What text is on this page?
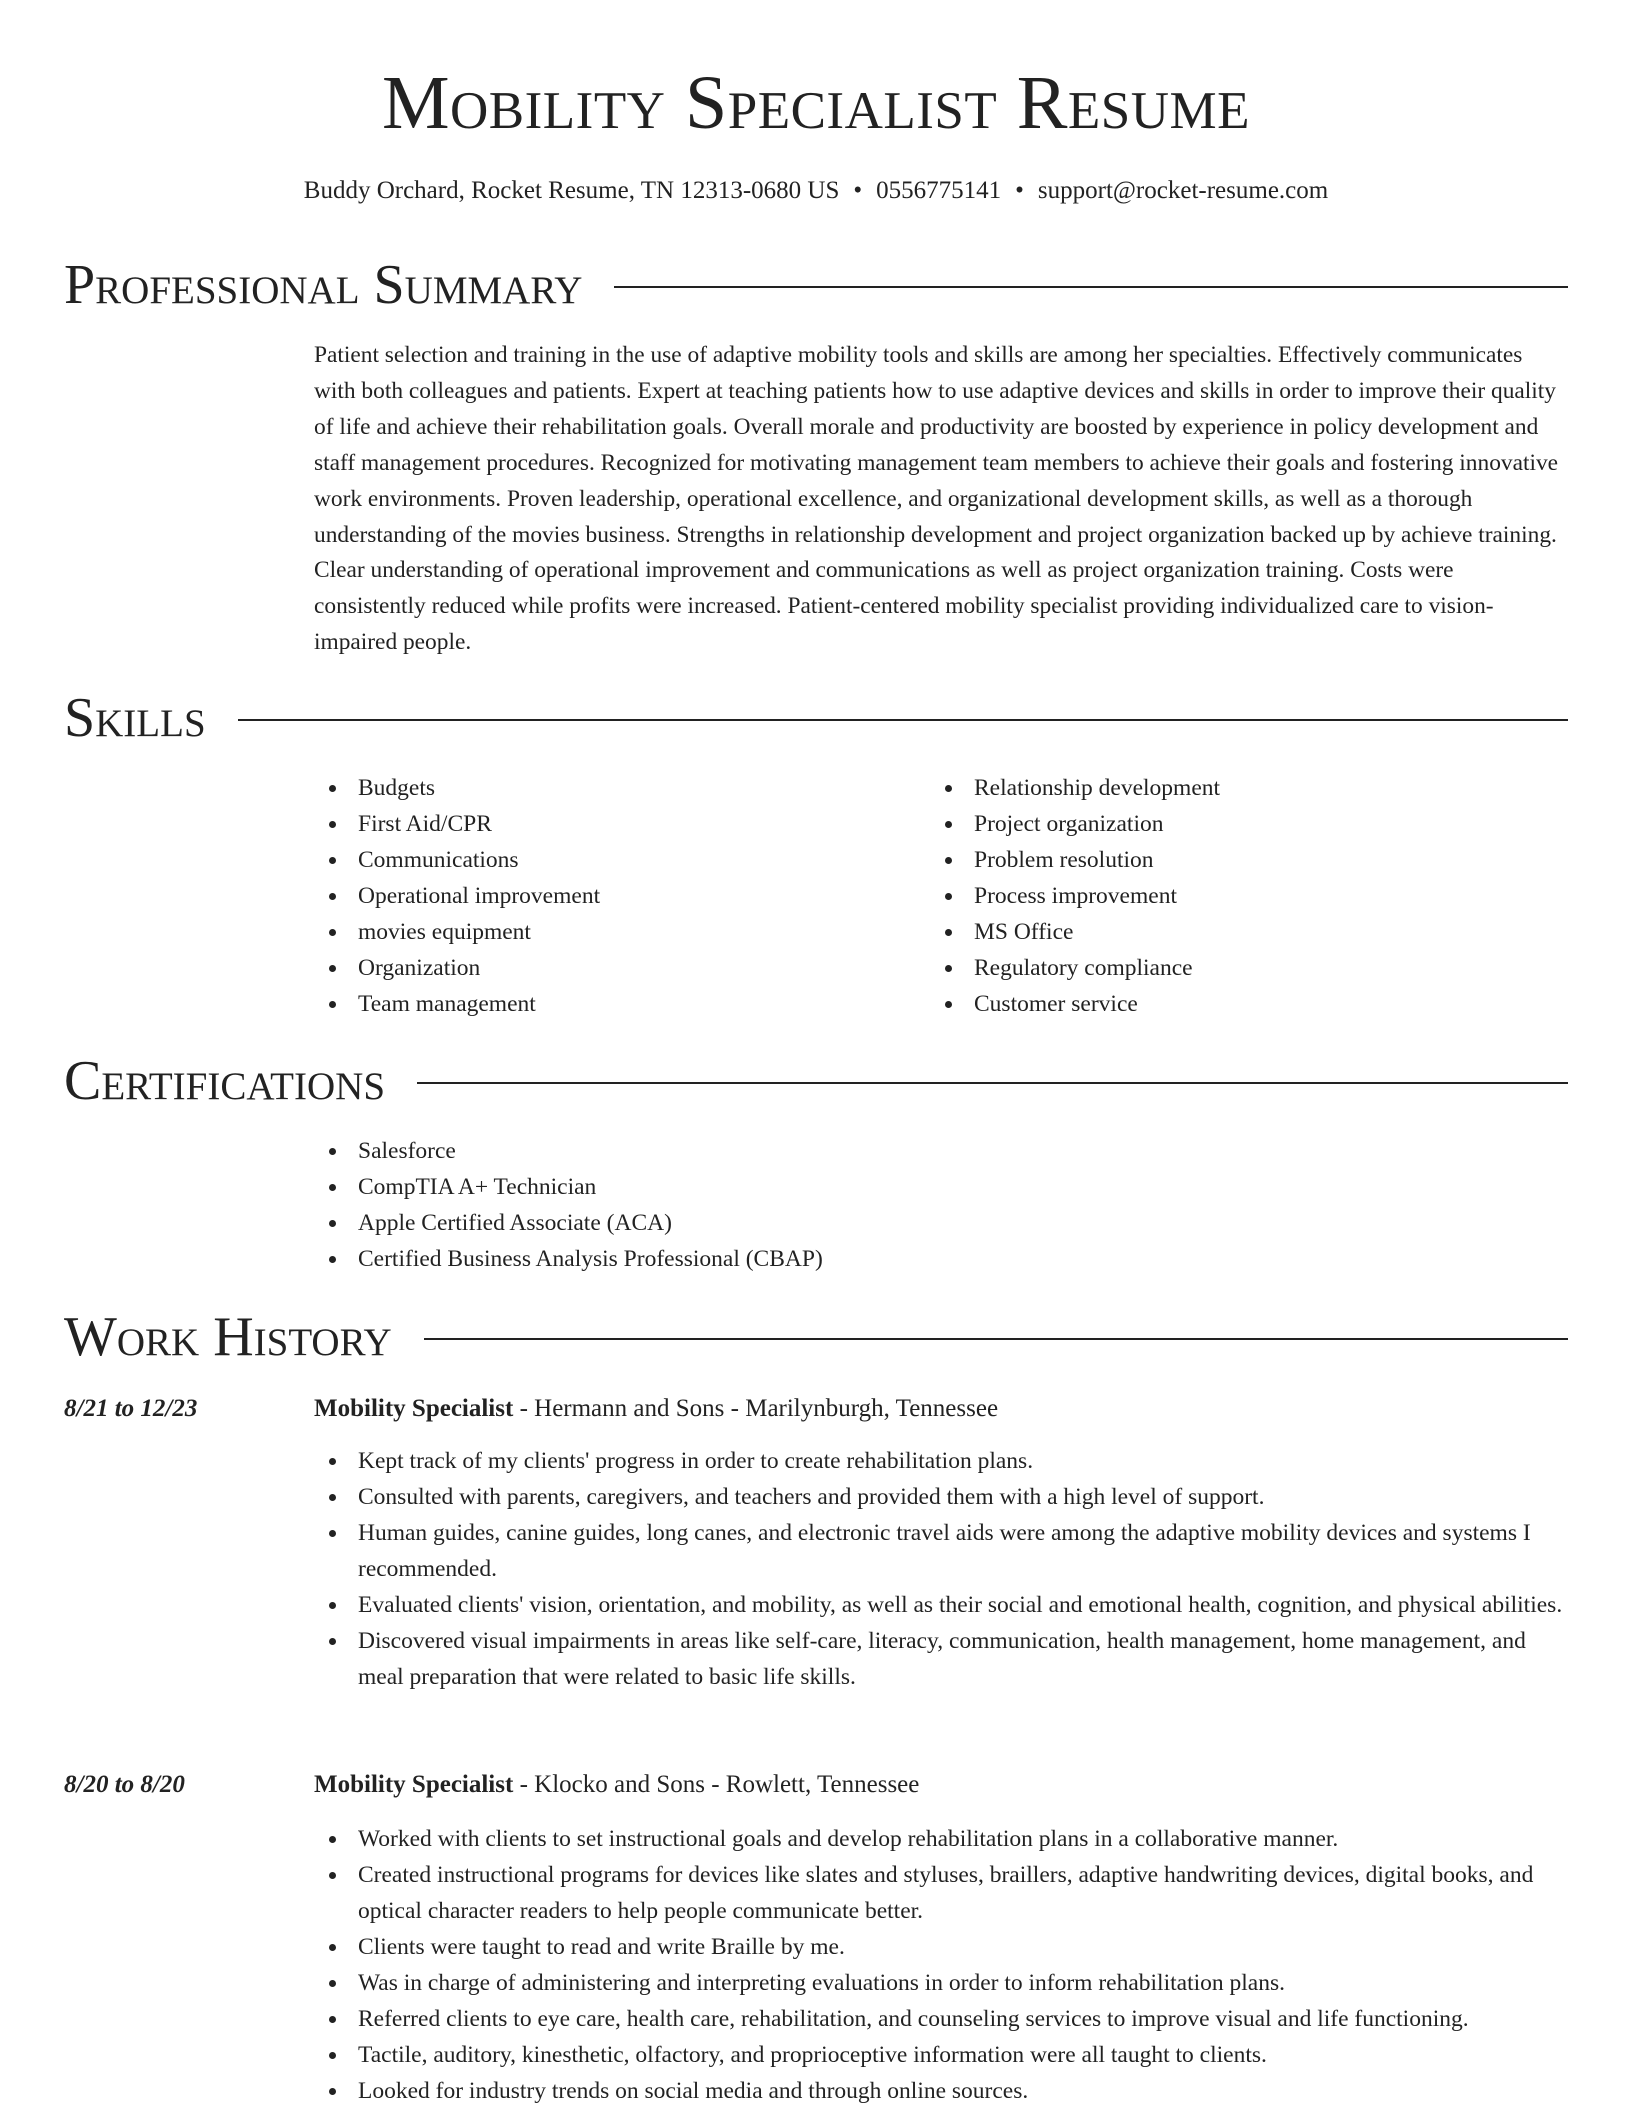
Mobility Specialist Resume
Buddy Orchard, Rocket Resume, TN 12313-0680 US • 0556775141 • support@rocket-resume.com
Professional Summary

Patient selection and training in the use of adaptive mobility tools and skills are among her specialties. Effectively communicates with both colleagues and patients. Expert at teaching patients how to use adaptive devices and skills in order to improve their quality of life and achieve their rehabilitation goals. Overall morale and productivity are boosted by experience in policy development and staff management procedures. Recognized for motivating management team members to achieve their goals and fostering innovative work environments. Proven leadership, operational excellence, and organizational development skills, as well as a thorough understanding of the movies business. Strengths in relationship development and project organization backed up by achieve training. Clear understanding of operational improvement and communications as well as project organization training. Costs were consistently reduced while profits were increased. Patient-centered mobility specialist providing individualized care to vision-impaired people.

Skills
Budgets
First Aid/CPR
Communications
Operational improvement
movies equipment
Organization
Team management
Relationship development
Project organization
Problem resolution
Process improvement
MS Office
Regulatory compliance
Customer service
Certifications
Salesforce
CompTIA A+ Technician
Apple Certified Associate (ACA)
Certified Business Analysis Professional (CBAP)
Work History
8/21 to 12/23	Mobility Specialist - Hermann and Sons - Marilynburgh, Tennessee
Kept track of my clients' progress in order to create rehabilitation plans.
Consulted with parents, caregivers, and teachers and provided them with a high level of support.
Human guides, canine guides, long canes, and electronic travel aids were among the adaptive mobility devices and systems I recommended.
Evaluated clients' vision, orientation, and mobility, as well as their social and emotional health, cognition, and physical abilities.
Discovered visual impairments in areas like self-care, literacy, communication, health management, home management, and meal preparation that were related to basic life skills.
8/20 to 8/20	Mobility Specialist - Klocko and Sons - Rowlett, Tennessee
Worked with clients to set instructional goals and develop rehabilitation plans in a collaborative manner.
Created instructional programs for devices like slates and styluses, braillers, adaptive handwriting devices, digital books, and optical character readers to help people communicate better.
Clients were taught to read and write Braille by me.
Was in charge of administering and interpreting evaluations in order to inform rehabilitation plans.
Referred clients to eye care, health care, rehabilitation, and counseling services to improve visual and life functioning.
Tactile, auditory, kinesthetic, olfactory, and proprioceptive information were all taught to clients.
Looked for industry trends on social media and through online sources.
